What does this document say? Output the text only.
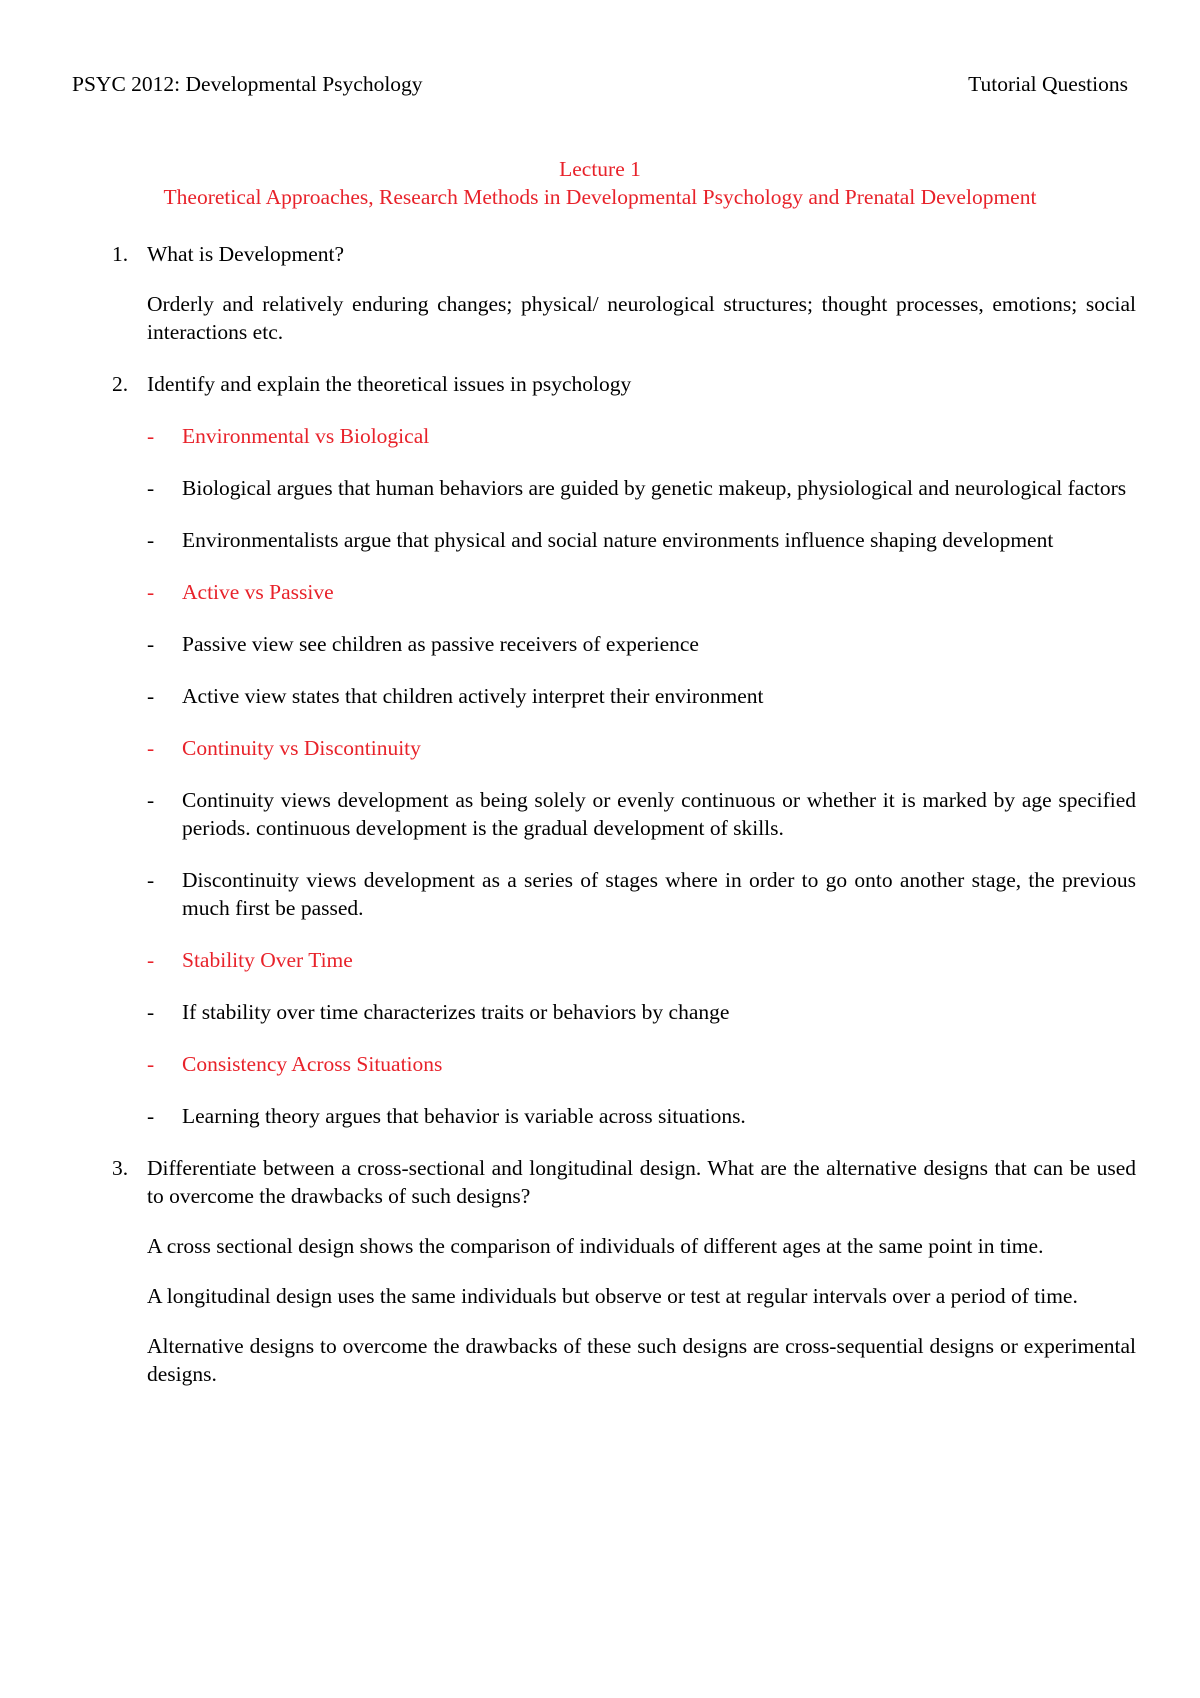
PSYC 2012: Developmental Psychology	Tutorial Questions
Lecture 1
Theoretical Approaches, Research Methods in Developmental Psychology and Prenatal Development
1. What is Development?
Orderly and relatively enduring changes; physical/ neurological structures; thought processes, emotions; social interactions etc.
2. Identify and explain the theoretical issues in psychology
- Environmental vs Biological
- Biological argues that human behaviors are guided by genetic makeup, physiological and neurological factors
- Environmentalists argue that physical and social nature environments influence shaping development
- Active vs Passive
- Passive view see children as passive receivers of experience
- Active view states that children actively interpret their environment
- Continuity vs Discontinuity
- Continuity views development as being solely or evenly continuous or whether it is marked by age specified periods. continuous development is the gradual development of skills.
- Discontinuity views development as a series of stages where in order to go onto another stage, the previous much first be passed.
- Stability Over Time
- If stability over time characterizes traits or behaviors by change
- Consistency Across Situations
- Learning theory argues that behavior is variable across situations.
3. Differentiate between a cross-sectional and longitudinal design. What are the alternative designs that can be used to overcome the drawbacks of such designs?
A cross sectional design shows the comparison of individuals of different ages at the same point in time.
A longitudinal design uses the same individuals but observe or test at regular intervals over a period of time.
Alternative designs to overcome the drawbacks of these such designs are cross-sequential designs or experimental designs.
